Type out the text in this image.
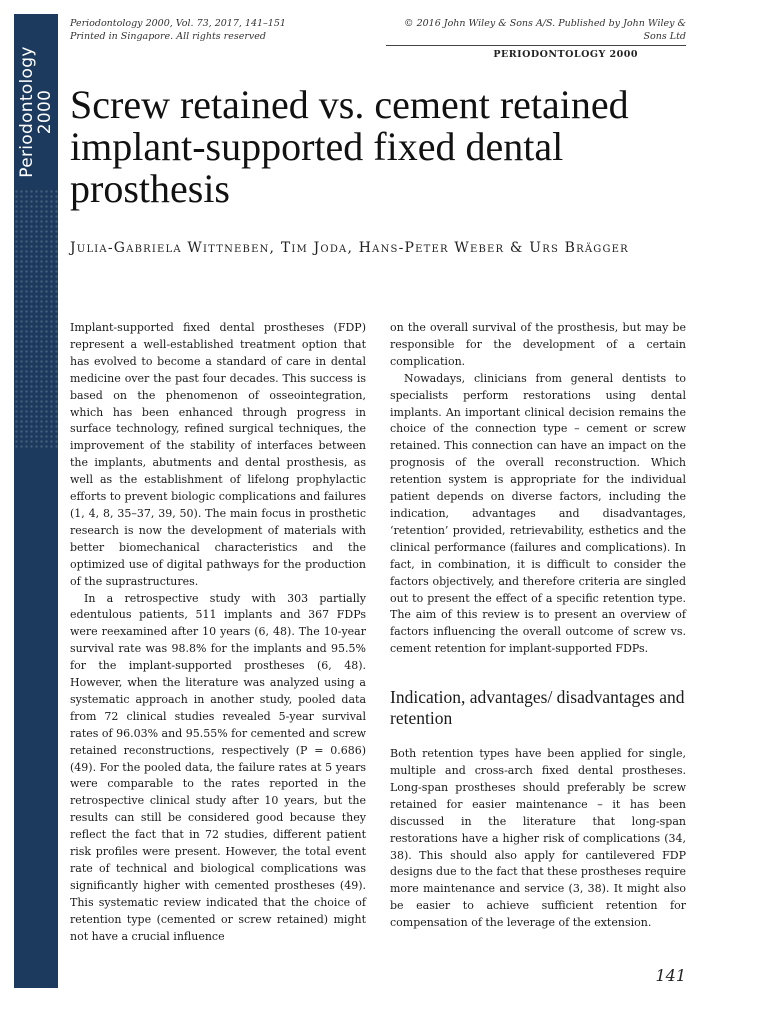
Periodontology
2000
Periodontology 2000, Vol. 73, 2017, 141–151
Printed in Singapore. All rights reserved
© 2016 John Wiley & Sons A/S. Published by John Wiley & Sons Ltd
PERIODONTOLOGY 2000
Screw retained vs. cement retained implant-supported fixed dental prosthesis

Julia-Gabriela Wittneben, Tim Joda, Hans-Peter Weber & Urs Brägger

Implant-supported fixed dental prostheses (FDP) represent a well-established treatment option that has evolved to become a standard of care in dental medicine over the past four decades. This success is based on the phenomenon of osseointegration, which has been enhanced through progress in surface technology, refined surgical techniques, the improvement of the stability of interfaces between the implants, abutments and dental prosthesis, as well as the establishment of lifelong prophylactic efforts to prevent biologic complications and failures (1, 4, 8, 35–37, 39, 50). The main focus in prosthetic research is now the development of materials with better biomechanical characteristics and the optimized use of digital pathways for the production of the suprastructures.

In a retrospective study with 303 partially edentulous patients, 511 implants and 367 FDPs were reexamined after 10 years (6, 48). The 10-year survival rate was 98.8% for the implants and 95.5% for the implant-supported prostheses (6, 48). However, when the literature was analyzed using a systematic approach in another study, pooled data from 72 clinical studies revealed 5-year survival rates of 96.03% and 95.55% for cemented and screw retained reconstructions, respectively (P = 0.686) (49). For the pooled data, the failure rates at 5 years were comparable to the rates reported in the retrospective clinical study after 10 years, but the results can still be considered good because they reflect the fact that in 72 studies, different patient risk profiles were present. However, the total event rate of technical and biological complications was significantly higher with cemented prostheses (49). This systematic review indicated that the choice of retention type (cemented or screw retained) might not have a crucial influence

on the overall survival of the prosthesis, but may be responsible for the development of a certain complication.

Nowadays, clinicians from general dentists to specialists perform restorations using dental implants. An important clinical decision remains the choice of the connection type – cement or screw retained. This connection can have an impact on the prognosis of the overall reconstruction. Which retention system is appropriate for the individual patient depends on diverse factors, including the indication, advantages and disadvantages, ‘retention’ provided, retrievability, esthetics and the clinical performance (failures and complications). In fact, in combination, it is difficult to consider the factors objectively, and therefore criteria are singled out to present the effect of a specific retention type. The aim of this review is to present an overview of factors influencing the overall outcome of screw vs. cement retention for implant-supported FDPs.

Indication, advantages/ disadvantages and retention

Both retention types have been applied for single, multiple and cross-arch fixed dental prostheses. Long-span prostheses should preferably be screw retained for easier maintenance – it has been discussed in the literature that long-span restorations have a higher risk of complications (34, 38). This should also apply for cantilevered FDP designs due to the fact that these prostheses require more maintenance and service (3, 38). It might also be easier to achieve sufficient retention for compensation of the leverage of the extension.

141
